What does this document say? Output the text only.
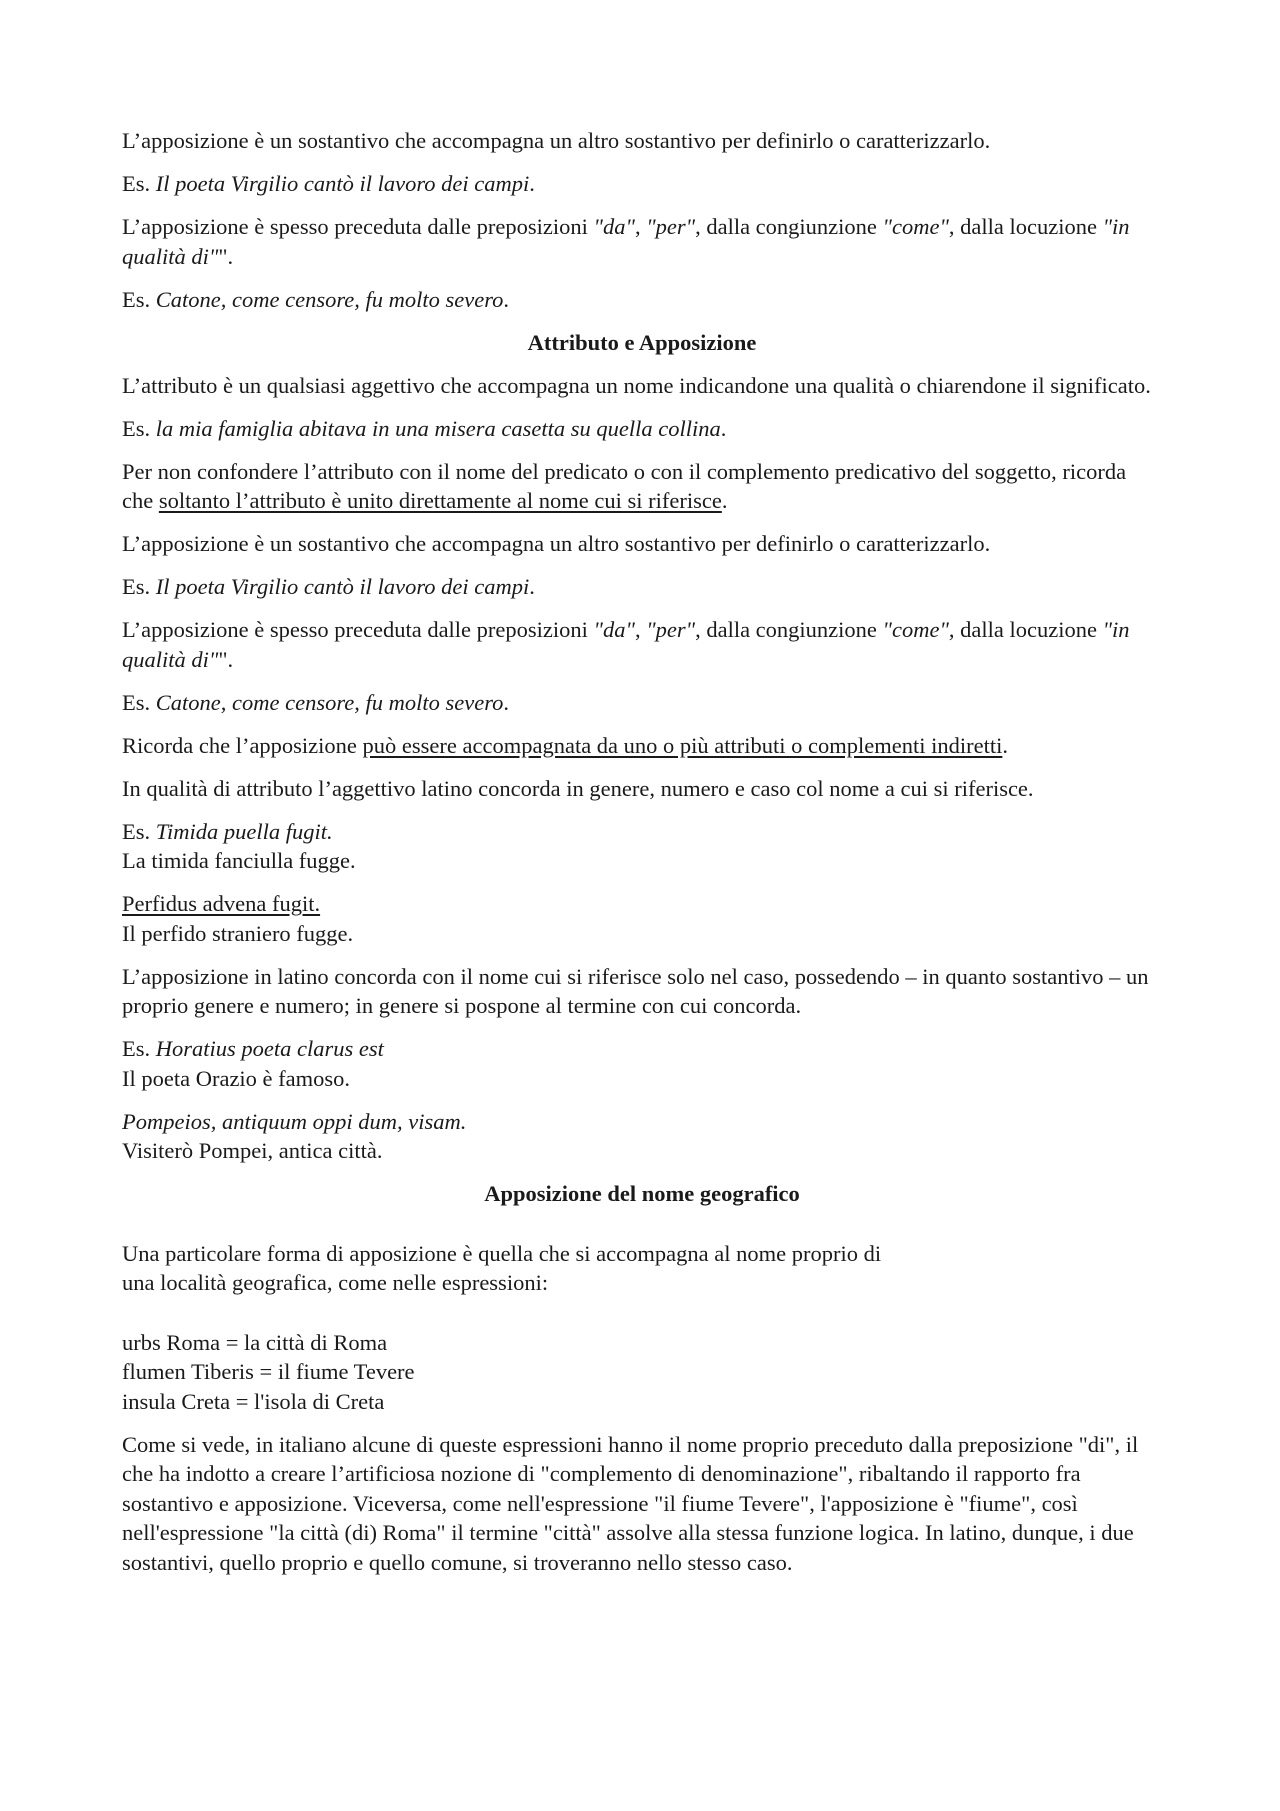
L’apposizione è un sostantivo che accompagna un altro sostantivo per definirlo o caratterizzarlo.

Es. Il poeta Virgilio cantò il lavoro dei campi.

L’apposizione è spesso preceduta dalle preposizioni "da", "per", dalla congiunzione "come", dalla locuzione "in qualità di"".

Es. Catone, come censore, fu molto severo.

Attributo e Apposizione

L’attributo è un qualsiasi aggettivo che accompagna un nome indicandone una qualità o chiarendone il significato.

Es. la mia famiglia abitava in una misera casetta su quella collina.

Per non confondere l’attributo con il nome del predicato o con il complemento predicativo del soggetto, ricorda che soltanto l’attributo è unito direttamente al nome cui si riferisce.

L’apposizione è un sostantivo che accompagna un altro sostantivo per definirlo o caratterizzarlo.

Es. Il poeta Virgilio cantò il lavoro dei campi.

L’apposizione è spesso preceduta dalle preposizioni "da", "per", dalla congiunzione "come", dalla locuzione "in qualità di"".

Es. Catone, come censore, fu molto severo.

Ricorda che l’apposizione può essere accompagnata da uno o più attributi o complementi indiretti.

In qualità di attributo l’aggettivo latino concorda in genere, numero e caso col nome a cui si riferisce.

Es. Timida puella fugit.
La timida fanciulla fugge.

Perfidus advena fugit.
Il perfido straniero fugge.

L’apposizione in latino concorda con il nome cui si riferisce solo nel caso, possedendo – in quanto sostantivo – un proprio genere e numero; in genere si pospone al termine con cui concorda.

Es. Horatius poeta clarus est
Il poeta Orazio è famoso.

Pompeios, antiquum oppi dum, visam.
Visiterò Pompei, antica città.

Apposizione del nome geografico

Una particolare forma di apposizione è quella che si accompagna al nome proprio di
una località geografica, come nelle espressioni:

urbs Roma = la città di Roma
flumen Tiberis = il fiume Tevere
insula Creta = l'isola di Creta

Come si vede, in italiano alcune di queste espressioni hanno il nome proprio preceduto dalla preposizione "di", il che ha indotto a creare l’artificiosa nozione di "complemento di denominazione", ribaltando il rapporto fra sostantivo e apposizione. Viceversa, come nell'espressione "il fiume Tevere", l'apposizione è "fiume", così nell'espressione "la città (di) Roma" il termine "città" assolve alla stessa funzione logica. In latino, dunque, i due sostantivi, quello proprio e quello comune, si troveranno nello stesso caso.
